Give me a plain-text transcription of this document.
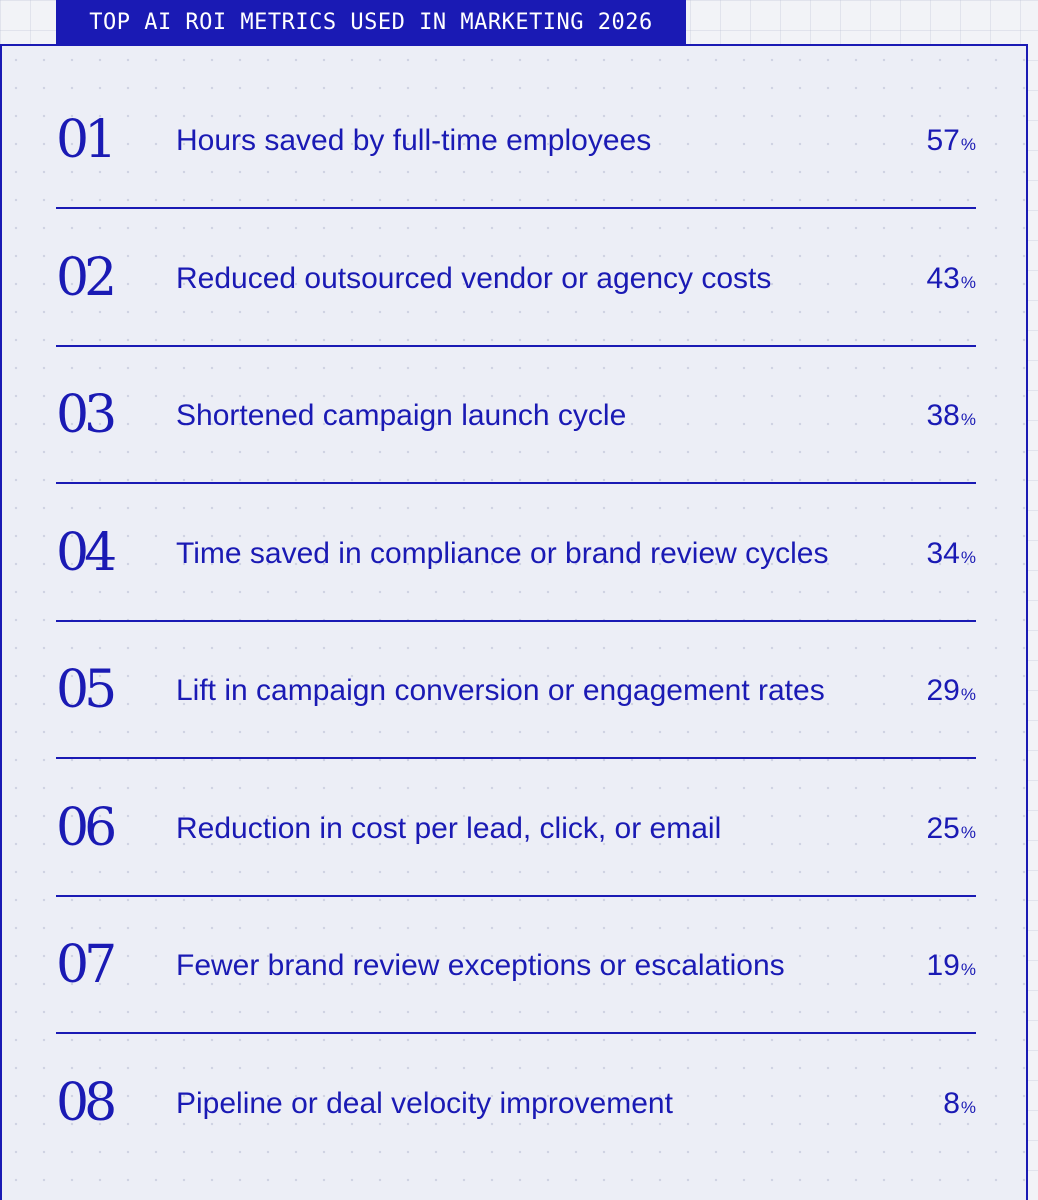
TOP AI ROI METRICS USED IN MARKETING 2026
01 Hours saved by full-time employees	57%
02 Reduced outsourced vendor or agency costs	43%
03 Shortened campaign launch cycle	38%
04 Time saved in compliance or brand review cycles	34%
05 Lift in campaign conversion or engagement rates	29%
06 Reduction in cost per lead, click, or email	25%
07 Fewer brand review exceptions or escalations	19%
08 Pipeline or deal velocity improvement	8%
